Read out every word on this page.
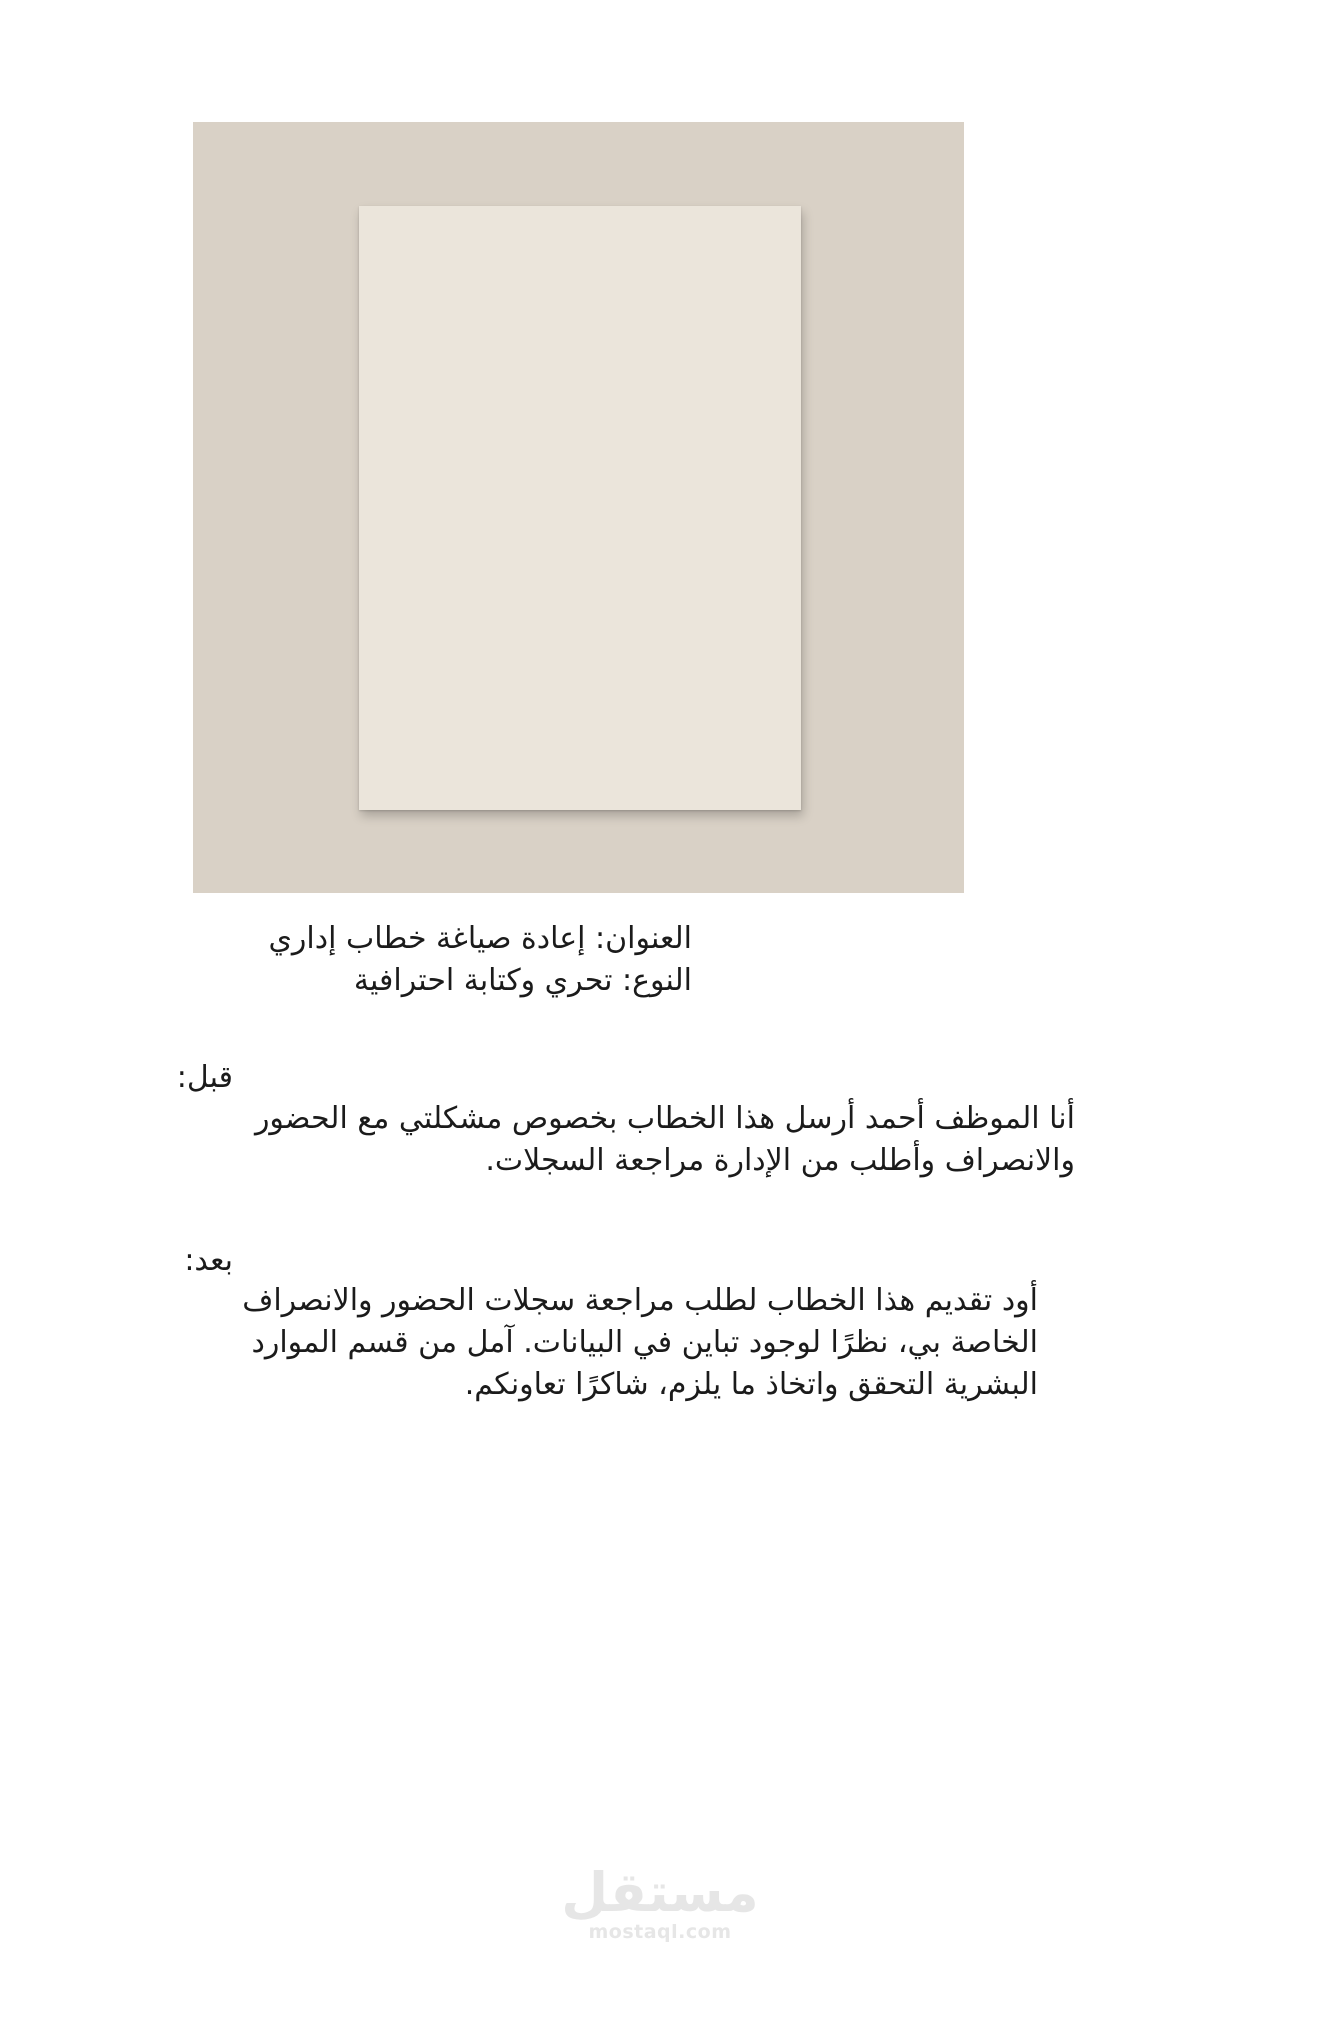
العنوان: إعادة صياغة خطاب إداري
النوع: تحري وكتابة احترافية
قبل:
أنا الموظف أحمد أرسل هذا الخطاب بخصوص مشكلتي مع الحضور
والانصراف وأطلب من الإدارة مراجعة السجلات.
بعد:
أود تقديم هذا الخطاب لطلب مراجعة سجلات الحضور والانصراف
الخاصة بي، نظرًا لوجود تباين في البيانات. آمل من قسم الموارد
البشرية التحقق واتخاذ ما يلزم، شاكرًا تعاونكم.
مستقل
mostaql.com
